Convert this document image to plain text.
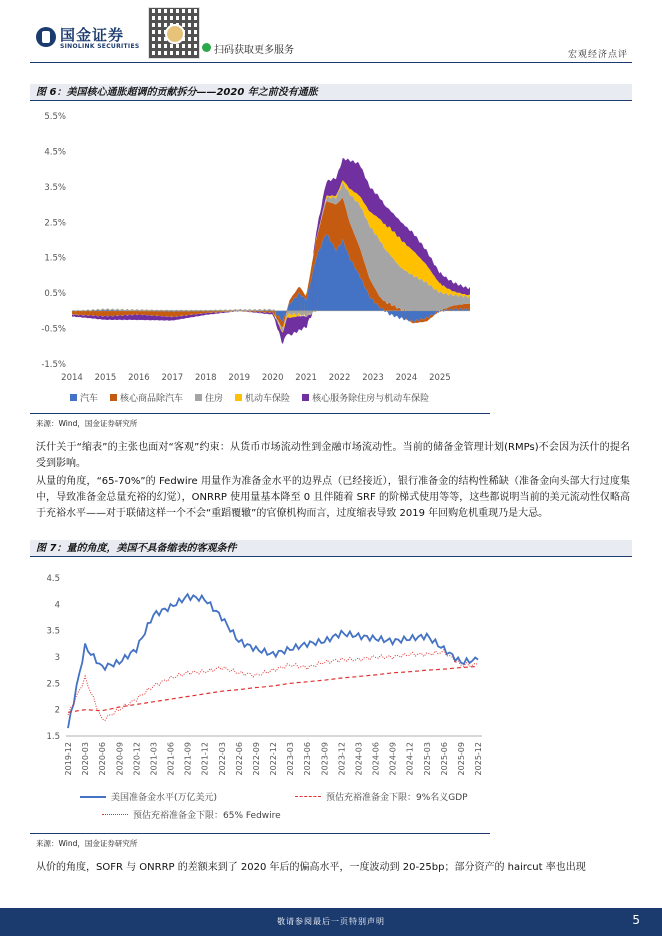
国金证券
SINOLINK SECURITIES	扫码获取更多服务	宏观经济点评
图 6：美国核心通胀超调的贡献拆分——2020 年之前没有通胀
-1.5%
-0.5%
0.5%
1.5%
2.5%
3.5%
4.5%
5.5%
2014 2015 2016 2017 2018 2019 2020 2021 2022 2023 2024 2025
汽车 核心商品除汽车 住房 机动车保险 核心服务除住房与机动车保险
来源：Wind，国金证券研究所
沃什关于“缩表”的主张也面对“客观”约束：从货币市场流动性到金融市场流动性。当前的储备金管理计划(RMPs)不会因为沃什的提名受到影响。
从量的角度，“65-70%”的 Fedwire 用量作为准备金水平的边界点（已经接近），银行准备金的结构性稀缺（准备金向头部大行过度集中，导致准备金总量充裕的幻觉），ONRRP 使用量基本降至 0 且伴随着 SRF 的阶梯式使用等等，这些都说明当前的美元流动性仅略高于充裕水平——对于联储这样一个不会“重蹈覆辙”的官僚机构而言，过度缩表导致 2019 年回购危机重现乃是大忌。
图 7：量的角度，美国不具备缩表的客观条件
1.5
2
2.5
3
3.5
4
4.5
2019-12 2020-03 2020-06 2020-09 2020-12 2021-03 2021-06 2021-09 2021-12 2022-03 2022-06 2022-09 2022-12 2023-03 2023-06 2023-09 2023-12 2024-03 2024-06 2024-09 2024-12 2025-03 2025-06 2025-09 2025-12
美国准备金水平(万亿美元)	预估充裕准备金下限：9%名义GDP
预估充裕准备金下限：65% Fedwire
来源：Wind，国金证券研究所
从价的角度，SOFR 与 ONRRP 的差额来到了 2020 年后的偏高水平，一度波动到 20-25bp；部分资产的 haircut 率也出现
敬请参阅最后一页特别声明	5
